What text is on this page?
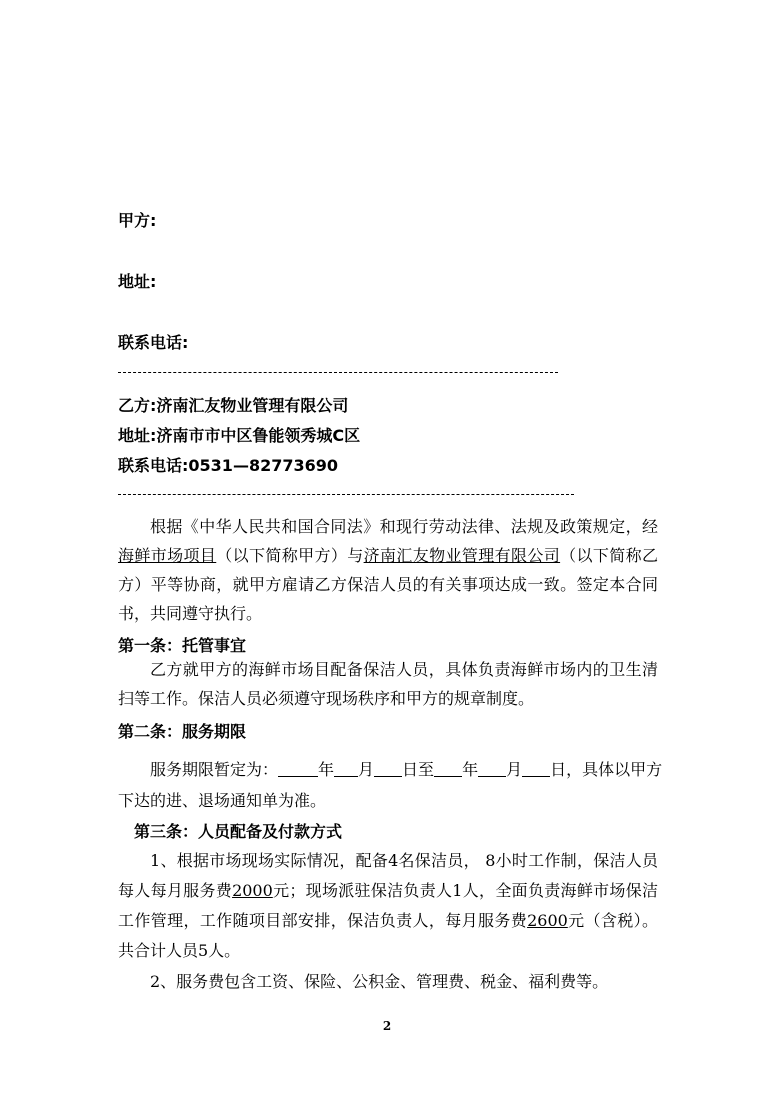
甲方:
地址:
联系电话:
乙方:济南汇友物业管理有限公司
地址:济南市市中区鲁能领秀城C区
联系电话:0531—82773690
根据《中华人民共和国合同法》和现行劳动法律、法规及政策规定，经海鲜市场项目（以下简称甲方）与济南汇友物业管理有限公司（以下简称乙方）平等协商，就甲方雇请乙方保洁人员的有关事项达成一致。签定本合同书，共同遵守执行。
第一条：托管事宜
乙方就甲方的海鲜市场目配备保洁人员，具体负责海鲜市场内的卫生清扫等工作。保洁人员必须遵守现场秩序和甲方的规章制度。
第二条：服务期限
服务期限暂定为：	年 月 日至 年 月 日，具体以甲方
下达的进、退场通知单为准。
第三条：人员配备及付款方式
1、根据市场现场实际情况，配备4名保洁员， 8小时工作制，保洁人员每人每月服务费2000元；现场派驻保洁负责人1人，全面负责海鲜市场保洁工作管理，工作随项目部安排，保洁负责人，每月服务费2600元（含税）。共合计人员5人。
2、服务费包含工资、保险、公积金、管理费、税金、福利费等。
2
